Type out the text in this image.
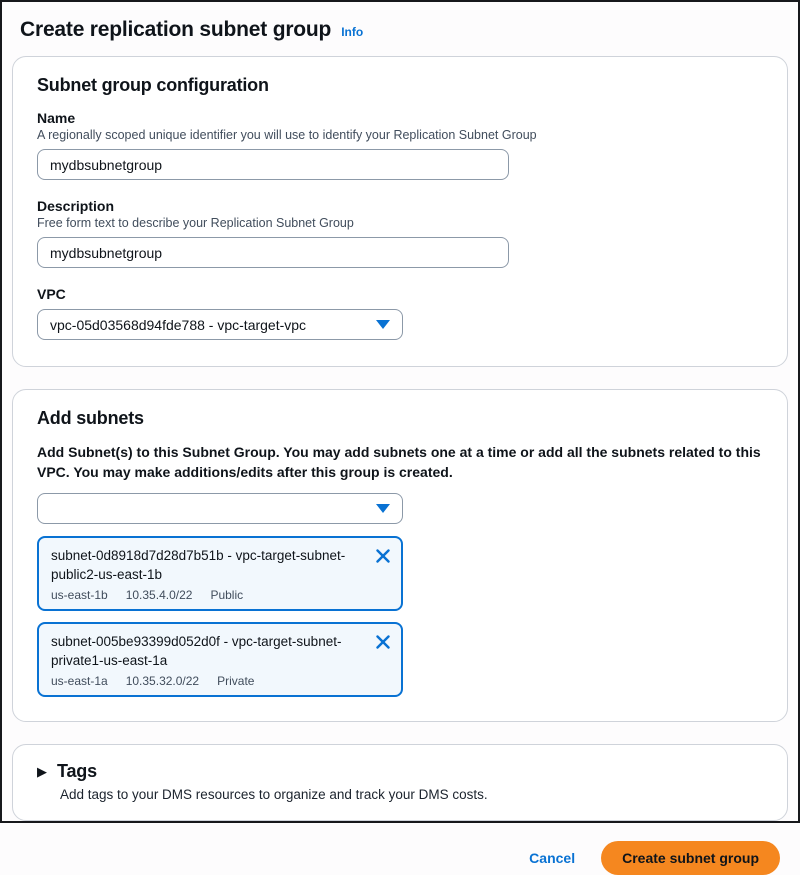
Create replication subnet group Info
Subnet group configuration
Name
A regionally scoped unique identifier you will use to identify your Replication Subnet Group
mydbsubnetgroup
Description
Free form text to describe your Replication Subnet Group
mydbsubnetgroup
VPC
vpc-05d03568d94fde788 - vpc-target-vpc
Add subnets

Add Subnet(s) to this Subnet Group. You may add subnets one at a time or add all the subnets related to this VPC. You may make additions/edits after this group is created.

subnet-0d8918d7d28d7b51b - vpc-target-subnet-public2-us-east-1b
us-east-1b 10.35.4.0/22 Public
subnet-005be93399d052d0f - vpc-target-subnet-private1-us-east-1a
us-east-1a 10.35.32.0/22 Private
▶ Tags
Add tags to your DMS resources to organize and track your DMS costs.
Cancel	Create subnet group
